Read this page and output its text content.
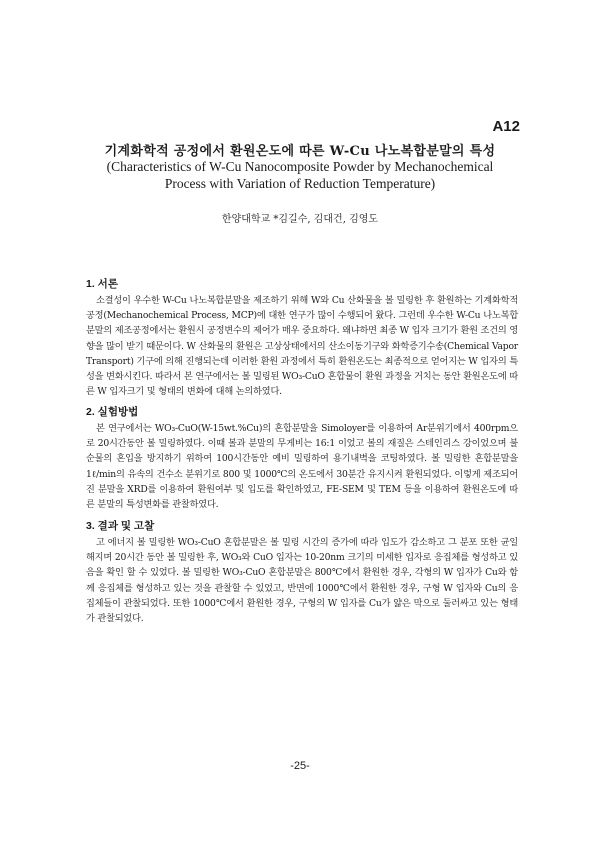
A12
기계화학적 공정에서 환원온도에 따른 W-Cu 나노복합분말의 특성
(Characteristics of W-Cu Nanocomposite Powder by Mechanochemical
Process with Variation of Reduction Temperature)
한양대학교 *김길수, 김대건, 김영도
1. 서론
소결성이 우수한 W-Cu 나노복합분말을 제조하기 위해 W와 Cu 산화물을 볼 밀링한 후 환원하는 기계화학적 공정(Mechanochemical Process, MCP)에 대한 연구가 많이 수행되어 왔다. 그런데 우수한 W-Cu 나노복합분말의 제조공정에서는 환원시 공정변수의 제어가 매우 중요하다. 왜냐하면 최종 W 입자 크기가 환원 조건의 영향을 많이 받기 때문이다. W 산화물의 환원은 고상상태에서의 산소이동기구와 화학증기수송(Chemical Vapor Transport) 기구에 의해 진행되는데 이러한 환원 과정에서 특히 환원온도는 최종적으로 얻어지는 W 입자의 특성을 변화시킨다. 따라서 본 연구에서는 볼 밀링된 WO₃-CuO 혼합물이 환원 과정을 거치는 동안 환원온도에 따른 W 입자크기 및 형태의 변화에 대해 논의하였다.
2. 실험방법
본 연구에서는 WO₃-CuO(W-15wt.%Cu)의 혼합분말을 Simoloyer를 이용하여 Ar분위기에서 400rpm으로 20시간동안 볼 밀링하였다. 이때 볼과 분말의 무게비는 16:1 이었고 볼의 재질은 스테인리스 강이었으며 불순물의 혼입을 방지하기 위하여 100시간동안 예비 밀링하여 용기내벽을 코팅하였다. 볼 밀링한 혼합분말을 1ℓ/min의 유속의 건수소 분위기로 800 및 1000℃의 온도에서 30분간 유지시켜 환원되었다. 이렇게 제조되어진 분말을 XRD를 이용하여 환원여부 및 입도를 확인하였고, FE-SEM 및 TEM 등을 이용하여 환원온도에 따른 분말의 특성변화를 관찰하였다.
3. 결과 및 고찰
고 에너지 볼 밀링한 WO₃-CuO 혼합분말은 볼 밀링 시간의 증가에 따라 입도가 감소하고 그 분포 또한 균일해지며 20시간 동안 볼 밀링한 후, WO₃와 CuO 입자는 10-20nm 크기의 미세한 입자로 응집체를 형성하고 있음을 확인 할 수 있었다. 볼 밀링한 WO₃-CuO 혼합분말은 800℃에서 환원한 경우, 각형의 W 입자가 Cu와 함께 응집체를 형성하고 있는 것을 관찰할 수 있었고, 반면에 1000℃에서 환원한 경우, 구형 W 입자와 Cu의 응집체들이 관찰되었다. 또한 1000℃에서 환원한 경우, 구형의 W 입자를 Cu가 얇은 막으로 둘러싸고 있는 형태가 관찰되었다.
-25-
